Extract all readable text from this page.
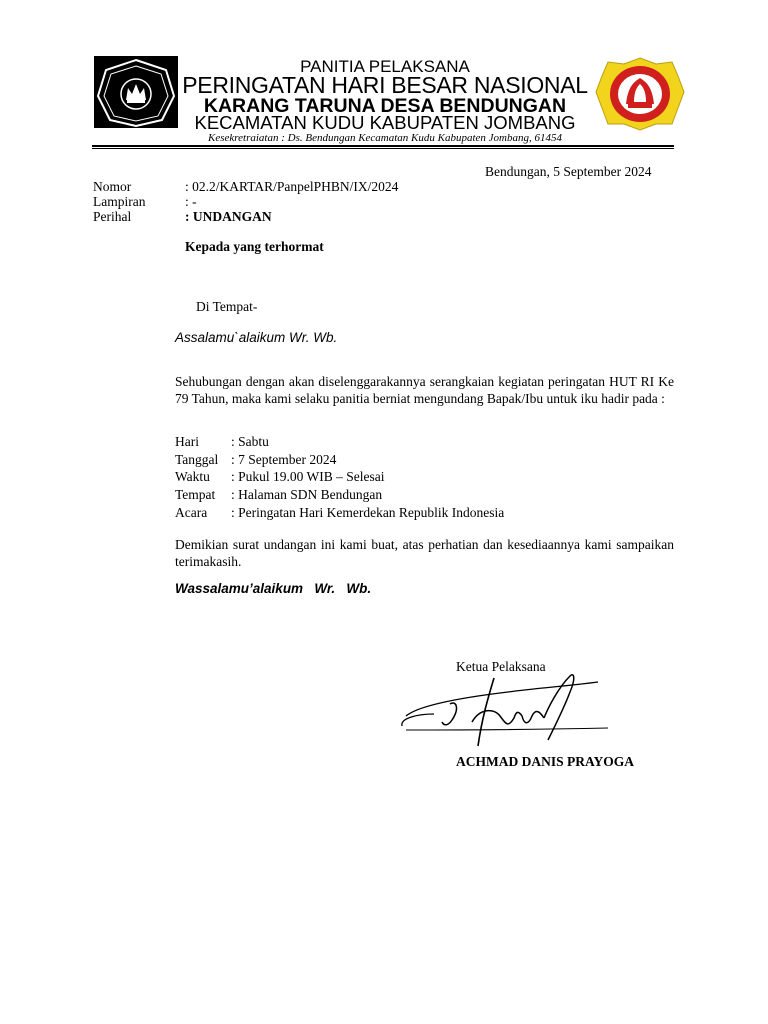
PANITIA PELAKSANA
PERINGATAN HARI BESAR NASIONAL
KARANG TARUNA DESA BENDUNGAN
KECAMATAN KUDU KABUPATEN JOMBANG
Kesekretraiatan : Ds. Bendungan Kecamatan Kudu Kabupaten Jombang, 61454
Bendungan, 5 September 2024
Nomor	: 02.2/KARTAR/PanpelPHBN/IX/2024
Lampiran	: -
Perihal	: UNDANGAN
Kepada yang terhormat
Di Tempat-
Assalamu`alaikum Wr. Wb.
Sehubungan dengan akan diselenggarakannya serangkaian kegiatan peringatan HUT RI Ke 79 Tahun, maka kami selaku panitia berniat mengundang Bapak/Ibu untuk iku hadir pada :
Hari : Sabtu
Tanggal : 7 September 2024
Waktu : Pukul 19.00 WIB – Selesai
Tempat : Halaman SDN Bendungan
Acara : Peringatan Hari Kemerdekan Republik Indonesia
Demikian surat undangan ini kami buat, atas perhatian dan kesediaannya kami sampaikan terimakasih.
Wassalamu’alaikum   Wr.   Wb.
Ketua Pelaksana
ACHMAD DANIS PRAYOGA
